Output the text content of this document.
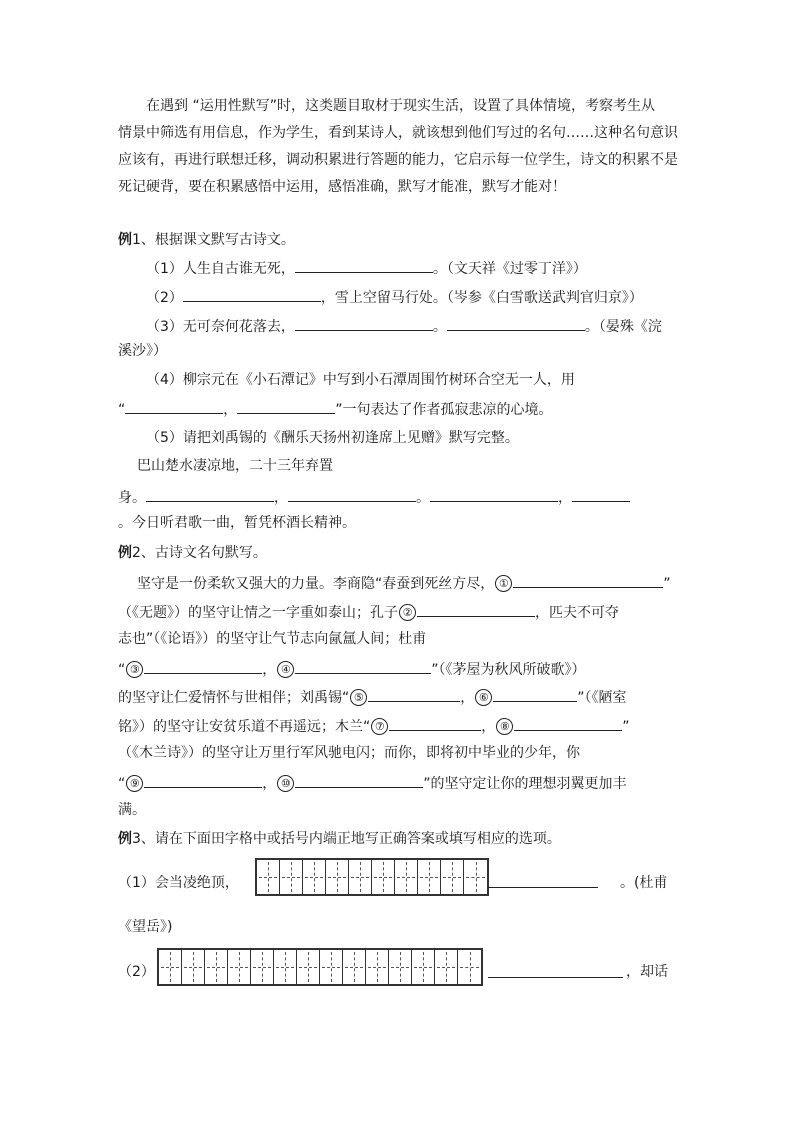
在遇到 “运用性默写”时，这类题目取材于现实生活，设置了具体情境，考察考生从
情景中筛选有用信息，作为学生，看到某诗人，就该想到他们写过的名句……这种名句意识
应该有，再进行联想迁移，调动积累进行答题的能力，它启示每一位学生，诗文的积累不是
死记硬背，要在积累感悟中运用，感悟准确，默写才能准，默写才能对！
例1、根据课文默写古诗文。
（1）人生自古谁无死，	。（文天祥《过零丁洋》）
（2）	，雪上空留马行处。（岑参《白雪歌送武判官归京》）
（3）无可奈何花落去，	。	。（晏殊《浣
溪沙》）
（4）柳宗元在《小石潭记》中写到小石潭周围竹树环合空无一人，用
“	，	”一句表达了作者孤寂悲凉的心境。
（5）请把刘禹锡的《酬乐天扬州初逢席上见赠》默写完整。
巴山楚水凄凉地，二十三年弃置
身。	，	。	，
。今日听君歌一曲，暂凭杯酒长精神。
例2、古诗文名句默写。
坚守是一份柔软又强大的力量。李商隐“春蚕到死丝方尽， ①	”
（《无题》）的坚守让情之一字重如泰山；孔子 ②	，匹夫不可夺
志也”（《论语》）的坚守让气节志向氤氲人间；杜甫
“ ③	， ④	”（《茅屋为秋风所破歌》）
的坚守让仁爱情怀与世相伴；刘禹锡“ ⑤	， ⑥	”（《陋室
铭》）的坚守让安贫乐道不再遥远；木兰“ ⑦	， ⑧	”
（《木兰诗》）的坚守让万里行军风驰电闪；而你，即将初中毕业的少年，你
“ ⑨	， ⑩	”的坚守定让你的理想羽翼更加丰
满。
例3、请在下面田字格中或括号内端正地写正确答案或填写相应的选项。
（1）会当凌绝顶，	。(杜甫
《望岳》)
（2）	，却话
